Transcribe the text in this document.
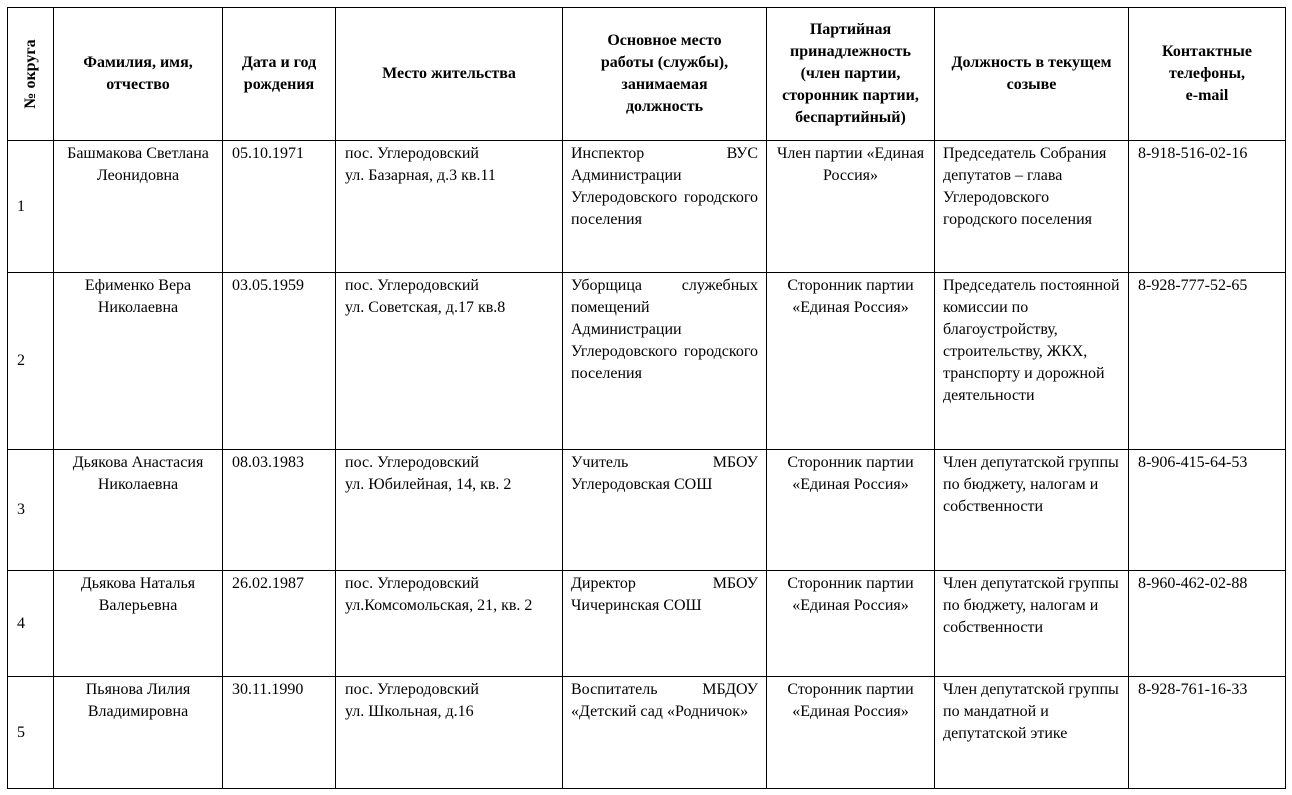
№ округа	Фамилия, имя, отчество	Дата и год рождения	Место жительства	Основное место работы (службы), занимаемая должность	Партийная принадлежность (член партии, сторонник партии, беспартийный)	Должность в текущем созыве	Контактные телефоны,
e-mail

1	Башмакова Светлана Леонидовна	05.10.1971	пос. Углеродовский
ул. Базарная, д.3 кв.11	Инспектор ВУС Администрации Углеродовского городского поселения	Член партии «Единая Россия»	Председатель Собрания депутатов – глава Углеродовского городского поселения	8-918-516-02-16
2	Ефименко Вера Николаевна	03.05.1959	пос. Углеродовский
ул. Советская, д.17 кв.8	Уборщица служебных помещений Администрации Углеродовского городского поселения	Сторонник партии «Единая Россия»	Председатель постоянной комиссии по благоустройству, строительству, ЖКХ, транспорту и дорожной деятельности	8-928-777-52-65
3	Дьякова Анастасия Николаевна	08.03.1983	пос. Углеродовский
ул. Юбилейная, 14, кв. 2	Учитель МБОУ Углеродовская СОШ	Сторонник партии «Единая Россия»	Член депутатской группы по бюджету, налогам и собственности	8-906-415-64-53
4	Дьякова Наталья Валерьевна	26.02.1987	пос. Углеродовский
ул.Комсомольская, 21, кв. 2	Директор МБОУ Чичеринская СОШ	Сторонник партии «Единая Россия»	Член депутатской группы по бюджету, налогам и собственности	8-960-462-02-88
5	Пьянова Лилия Владимировна	30.11.1990	пос. Углеродовский
ул. Школьная, д.16	Воспитатель МБДОУ «Детский сад «Родничок»	Сторонник партии «Единая Россия»	Член депутатской группы по мандатной и депутатской этике	8-928-761-16-33
